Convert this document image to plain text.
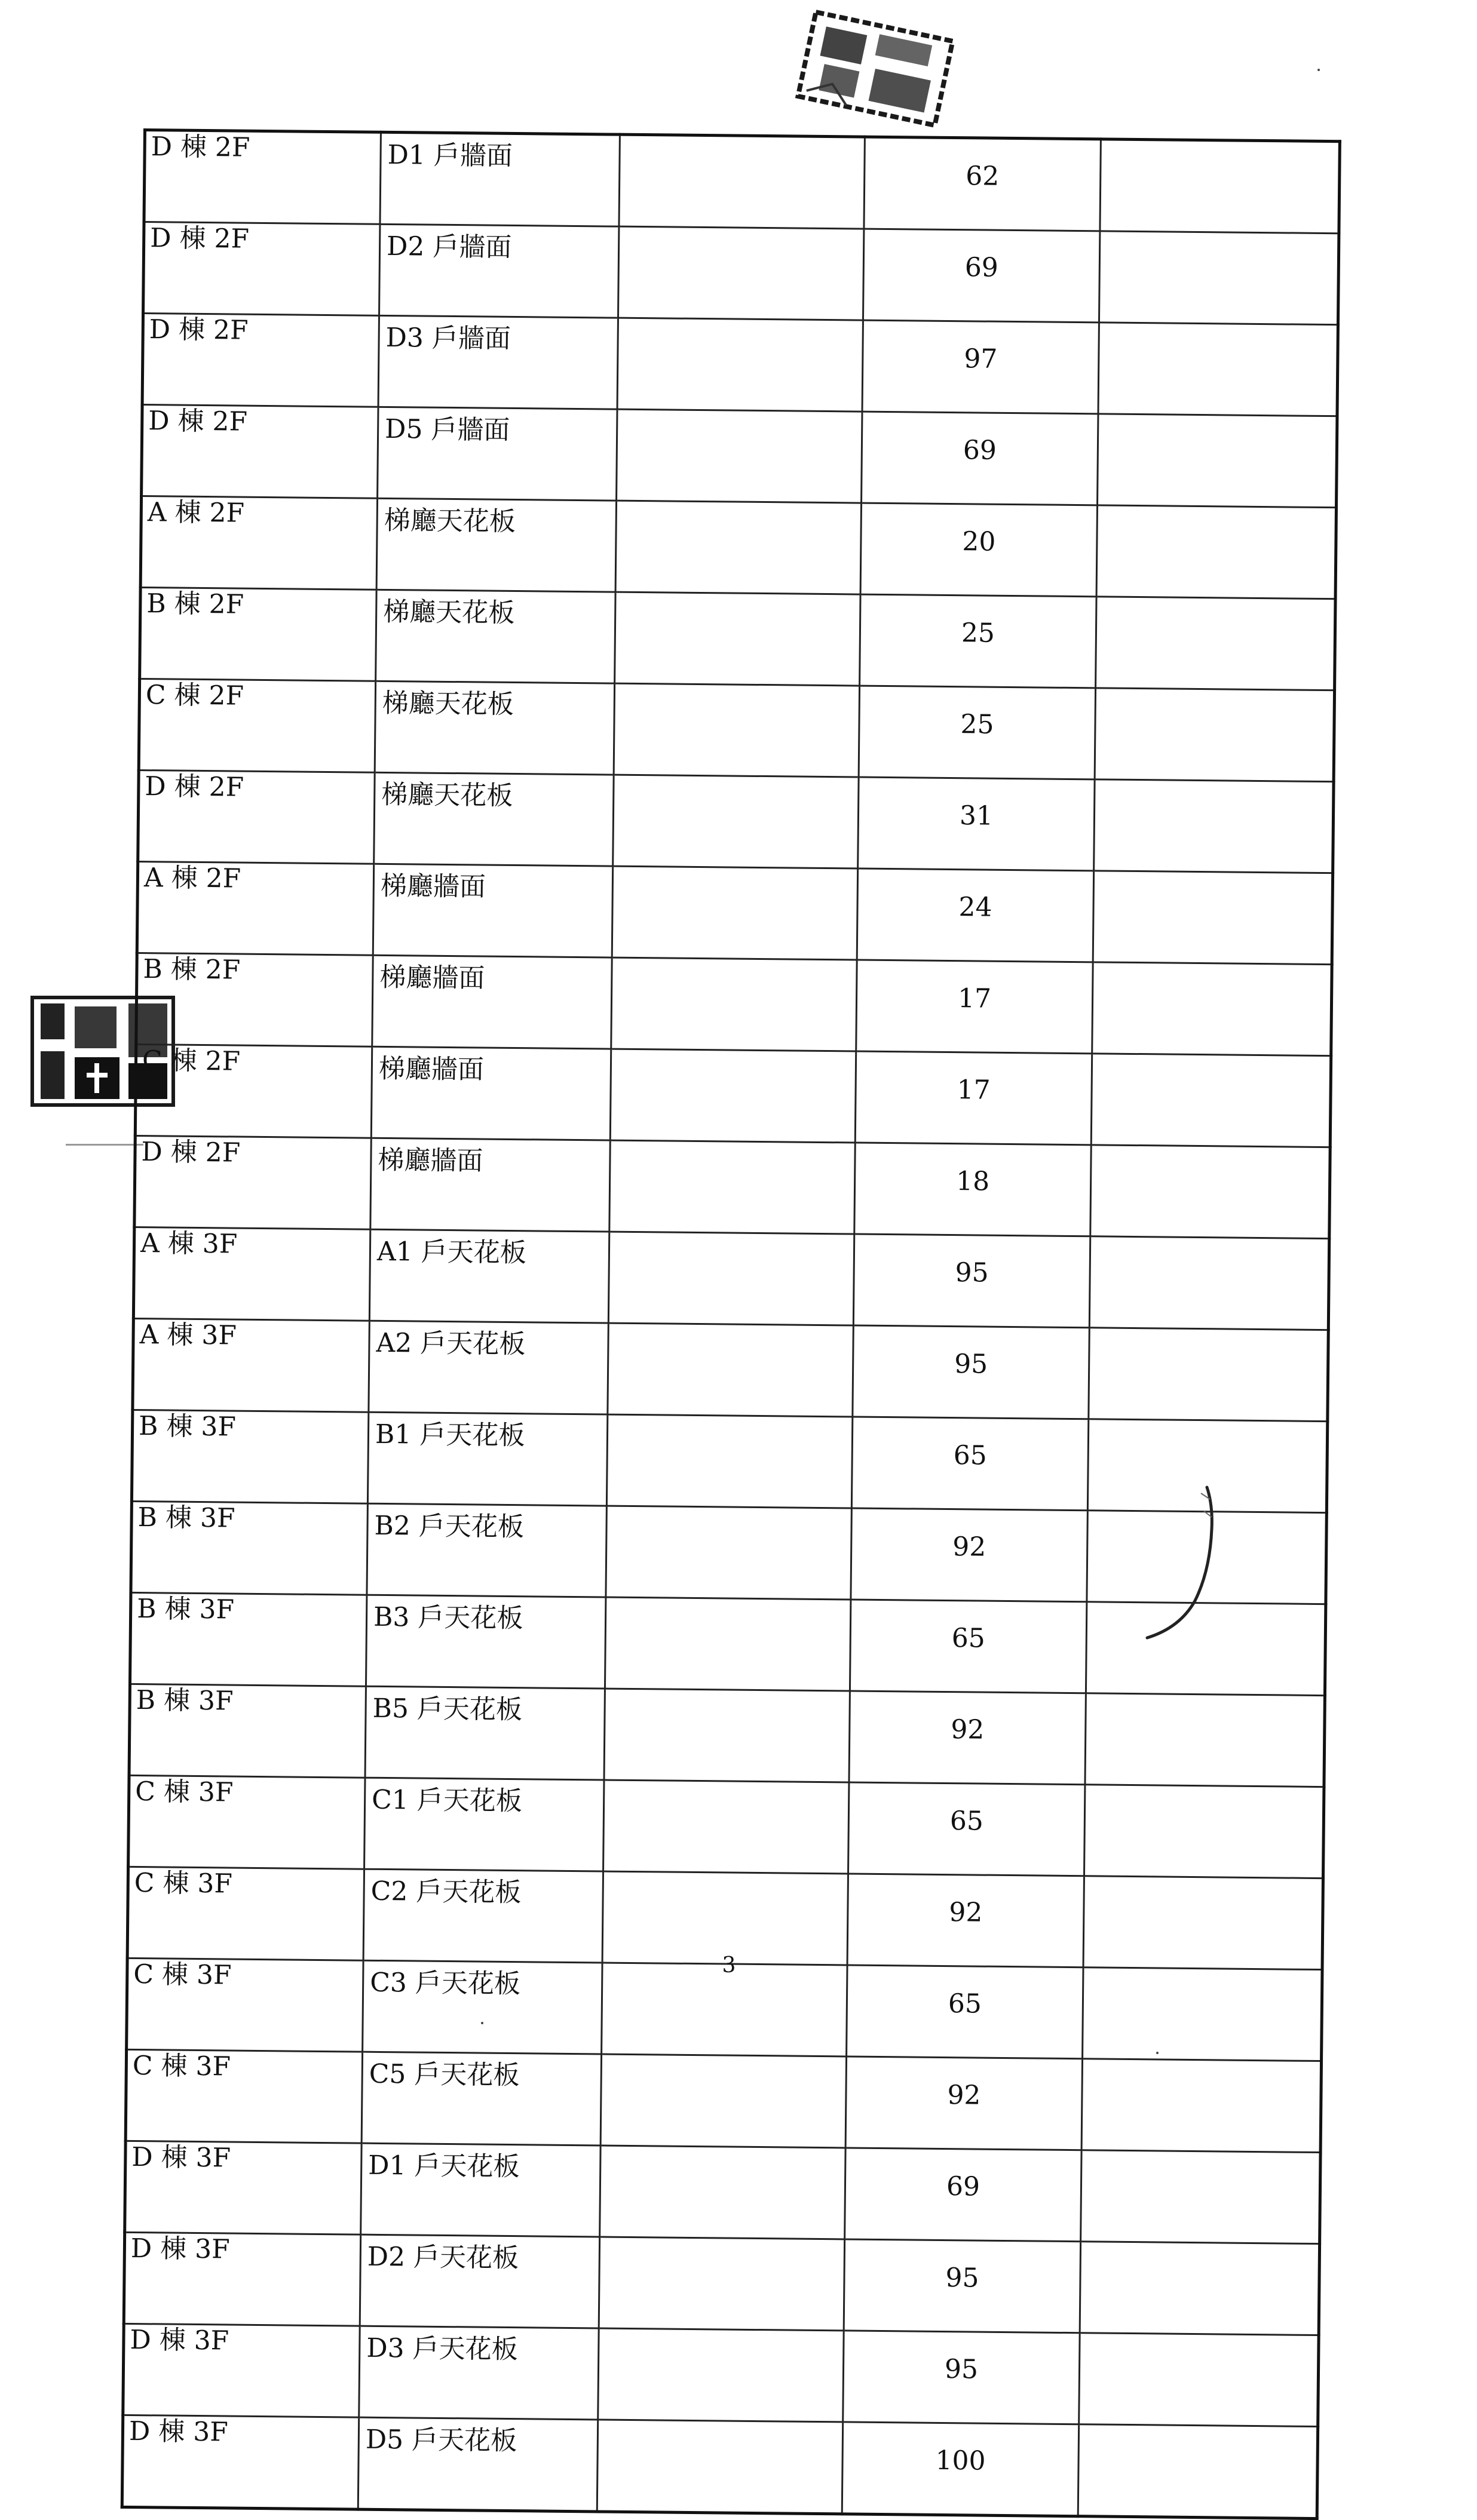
D 棟 2F	D1 戶牆面		62	
D 棟 2F	D2 戶牆面		69	
D 棟 2F	D3 戶牆面		97	
D 棟 2F	D5 戶牆面		69	
A 棟 2F	梯廳天花板		20	
B 棟 2F	梯廳天花板		25	
C 棟 2F	梯廳天花板		25	
D 棟 2F	梯廳天花板		31	
A 棟 2F	梯廳牆面		24	
B 棟 2F	梯廳牆面		17	
C 棟 2F	梯廳牆面		17	
D 棟 2F	梯廳牆面		18	
A 棟 3F	A1 戶天花板		95	
A 棟 3F	A2 戶天花板		95	
B 棟 3F	B1 戶天花板		65	
B 棟 3F	B2 戶天花板		92	
B 棟 3F	B3 戶天花板		65	
B 棟 3F	B5 戶天花板		92	
C 棟 3F	C1 戶天花板		65	
C 棟 3F	C2 戶天花板		92	
C 棟 3F	C3 戶天花板		65	
C 棟 3F	C5 戶天花板		92	
D 棟 3F	D1 戶天花板		69	
D 棟 3F	D2 戶天花板		95	
D 棟 3F	D3 戶天花板		95	
D 棟 3F	D5 戶天花板		100	
3
